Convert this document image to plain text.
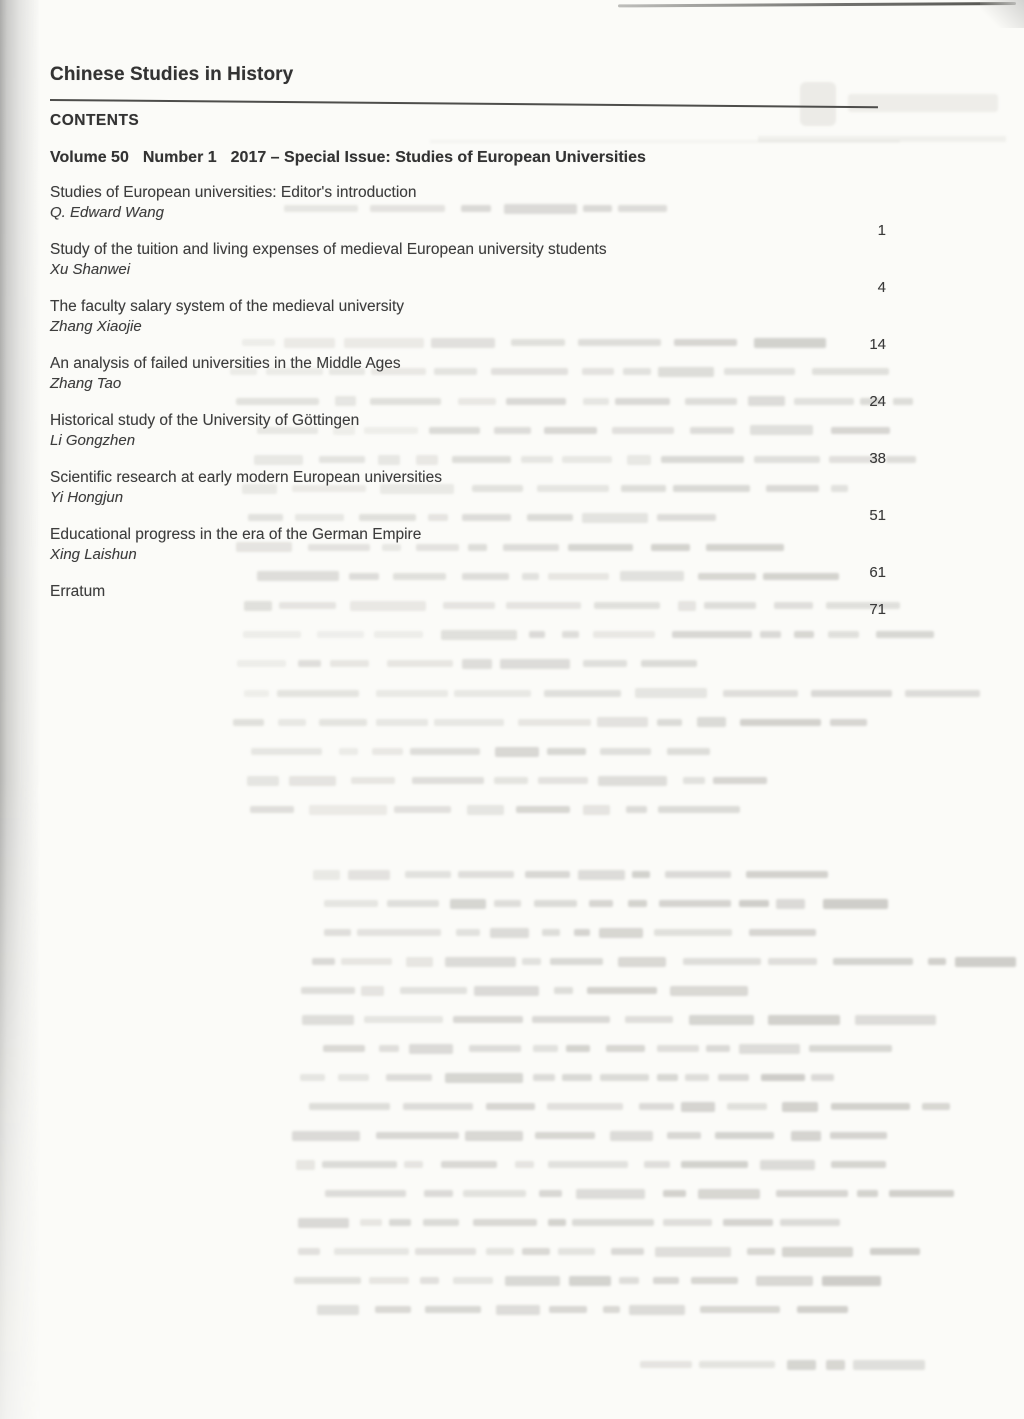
Chinese Studies in History
CONTENTS
Volume 50 Number 1 2017 – Special Issue: Studies of European Universities
Studies of European universities: Editor's introduction
Q. Edward Wang
1
Study of the tuition and living expenses of medieval European university students
Xu Shanwei
4
The faculty salary system of the medieval university
Zhang Xiaojie
14
An analysis of failed universities in the Middle Ages
Zhang Tao
24
Historical study of the University of Göttingen
Li Gongzhen
38
Scientific research at early modern European universities
Yi Hongjun
51
Educational progress in the era of the German Empire
Xing Laishun
61
Erratum
71
